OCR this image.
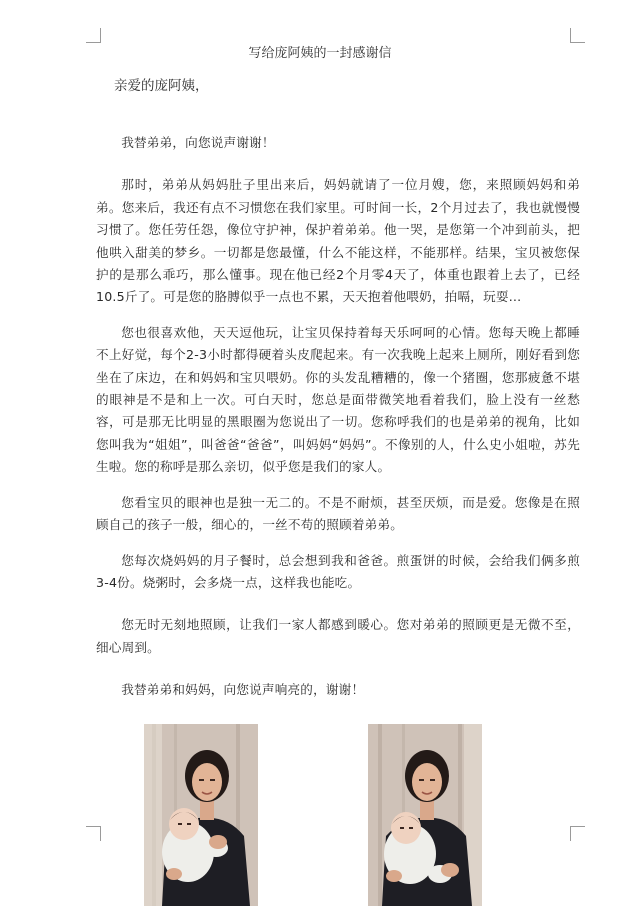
写给庞阿姨的一封感谢信
亲爱的庞阿姨，

我替弟弟，向您说声谢谢！

那时，弟弟从妈妈肚子里出来后，妈妈就请了一位月嫂，您，来照顾妈妈和弟弟。您来后，我还有点不习惯您在我们家里。可时间一长，2个月过去了，我也就慢慢习惯了。您任劳任怨，像位守护神，保护着弟弟。他一哭，是您第一个冲到前头，把他哄入甜美的梦乡。一切都是您最懂，什么不能这样，不能那样。结果，宝贝被您保护的是那么乖巧，那么懂事。现在他已经2个月零4天了，体重也跟着上去了，已经10.5斤了。可是您的胳膊似乎一点也不累，天天抱着他喂奶，拍嗝，玩耍…

您也很喜欢他，天天逗他玩，让宝贝保持着每天乐呵呵的心情。您每天晚上都睡不上好觉，每个2-3小时都得硬着头皮爬起来。有一次我晚上起来上厕所，刚好看到您坐在了床边，在和妈妈和宝贝喂奶。你的头发乱糟糟的，像一个猪圈，您那疲惫不堪的眼神是不是和上一次。可白天时，您总是面带微笑地看着我们，脸上没有一丝愁容，可是那无比明显的黑眼圈为您说出了一切。您称呼我们的也是弟弟的视角，比如您叫我为“姐姐”，叫爸爸“爸爸”，叫妈妈“妈妈”。不像别的人，什么史小姐啦，苏先生啦。您的称呼是那么亲切，似乎您是我们的家人。

您看宝贝的眼神也是独一无二的。不是不耐烦，甚至厌烦，而是爱。您像是在照顾自己的孩子一般，细心的，一丝不苟的照顾着弟弟。

您每次烧妈妈的月子餐时，总会想到我和爸爸。煎蛋饼的时候，会给我们俩多煎3-4份。烧粥时，会多烧一点，这样我也能吃。

您无时无刻地照顾，让我们一家人都感到暖心。您对弟弟的照顾更是无微不至，细心周到。

我替弟弟和妈妈，向您说声响亮的，谢谢！
